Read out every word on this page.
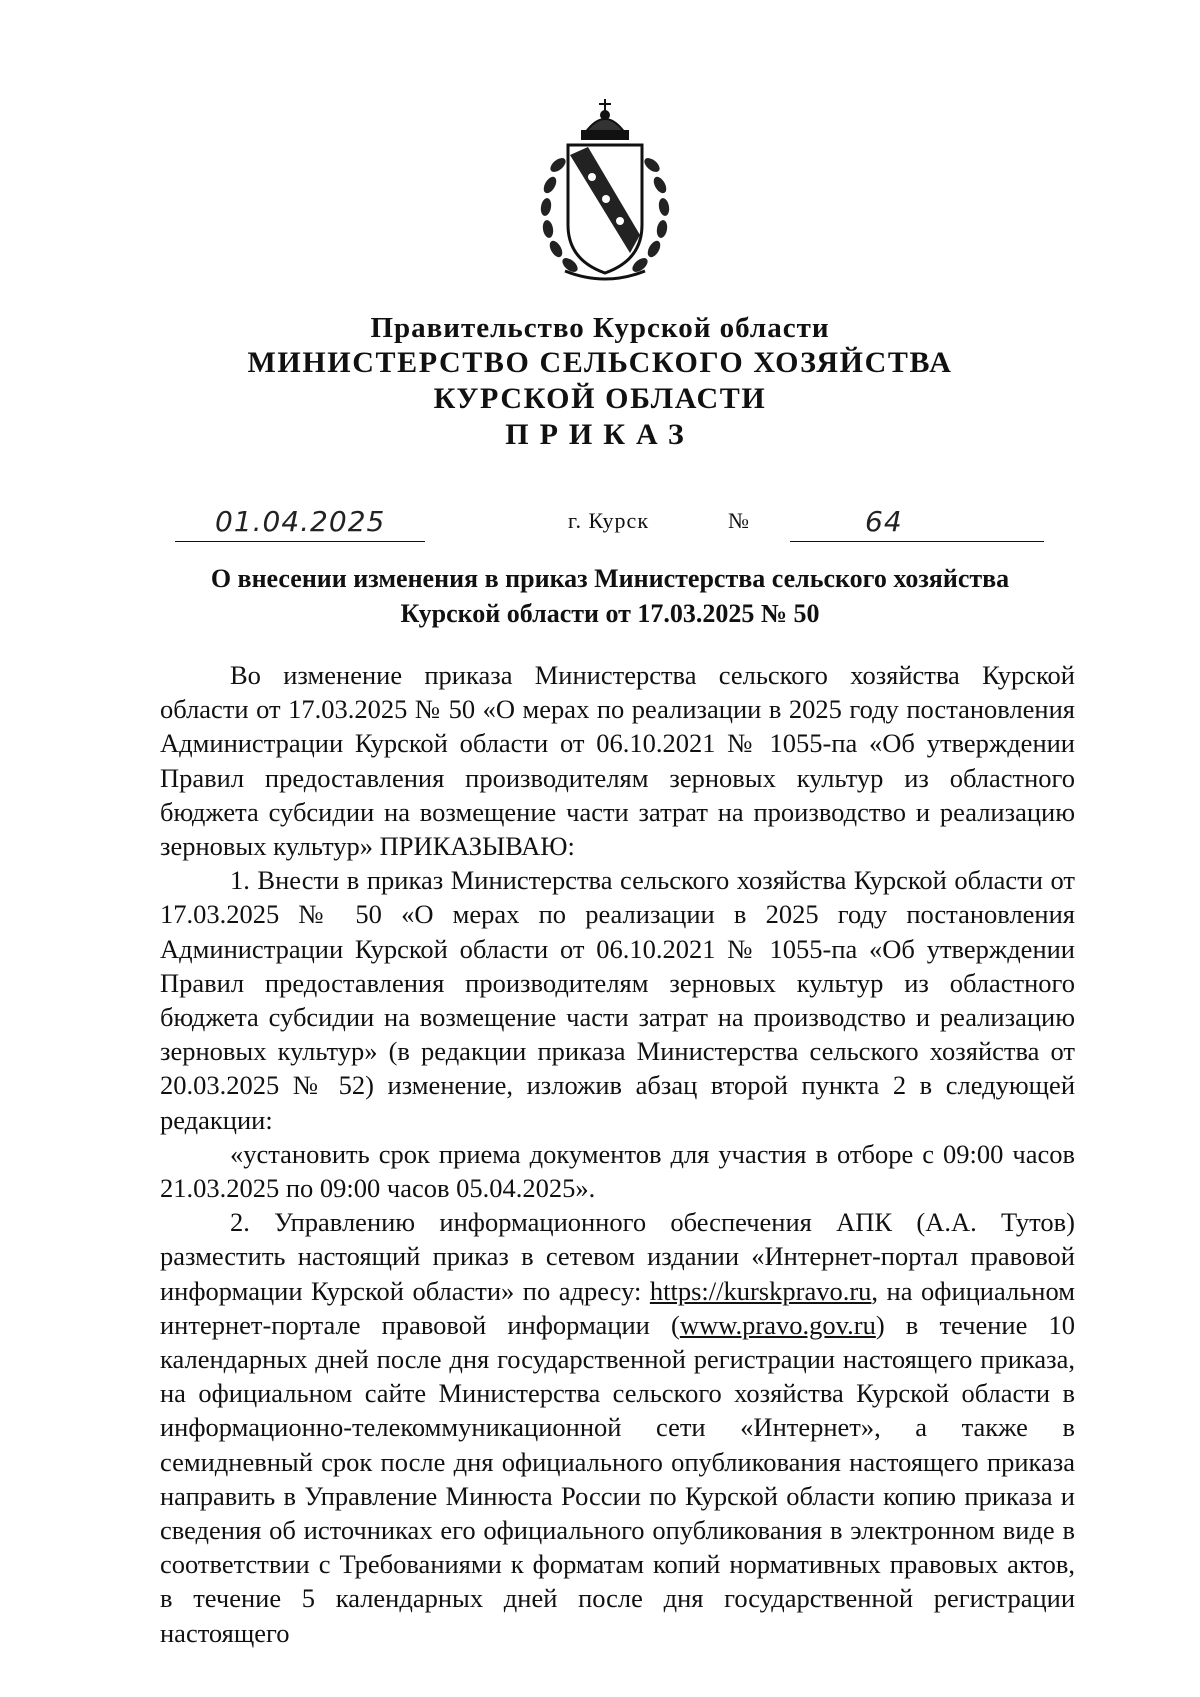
Правительство Курской области
МИНИСТЕРСТВО СЕЛЬСКОГО ХОЗЯЙСТВА
КУРСКОЙ ОБЛАСТИ
ПРИКАЗ
01.04.2025	г. Курск	№	64
О внесении изменения в приказ Министерства сельского хозяйства
Курской области от 17.03.2025 № 50

Во изменение приказа Министерства сельского хозяйства Курской области от 17.03.2025 № 50 «О мерах по реализации в 2025 году постановления Администрации Курской области от 06.10.2021 № 1055-па «Об утверждении Правил предоставления производителям зерновых культур из областного бюджета субсидии на возмещение части затрат на производство и реализацию зерновых культур» ПРИКАЗЫВАЮ:

1. Внести в приказ Министерства сельского хозяйства Курской области от 17.03.2025 № 50 «О мерах по реализации в 2025 году постановления Администрации Курской области от 06.10.2021 № 1055-па «Об утверждении Правил предоставления производителям зерновых культур из областного бюджета субсидии на возмещение части затрат на производство и реализацию зерновых культур» (в редакции приказа Министерства сельского хозяйства от 20.03.2025 № 52) изменение, изложив абзац второй пункта 2 в следующей редакции:

«установить срок приема документов для участия в отборе с 09:00 часов 21.03.2025 по 09:00 часов 05.04.2025».

2. Управлению информационного обеспечения АПК (А.А. Тутов) разместить настоящий приказ в сетевом издании «Интернет-портал правовой информации Курской области» по адресу: https://kurskpravo.ru, на официальном интернет-портале правовой информации (www.pravo.gov.ru) в течение 10 календарных дней после дня государственной регистрации настоящего приказа, на официальном сайте Министерства сельского хозяйства Курской области в информационно-телекоммуникационной сети «Интернет», а также в семидневный срок после дня официального опубликования настоящего приказа направить в Управление Минюста России по Курской области копию приказа и сведения об источниках его официального опубликования в электронном виде в соответствии с Требованиями к форматам копий нормативных правовых актов, в течение 5 календарных дней после дня государственной регистрации настоящего
